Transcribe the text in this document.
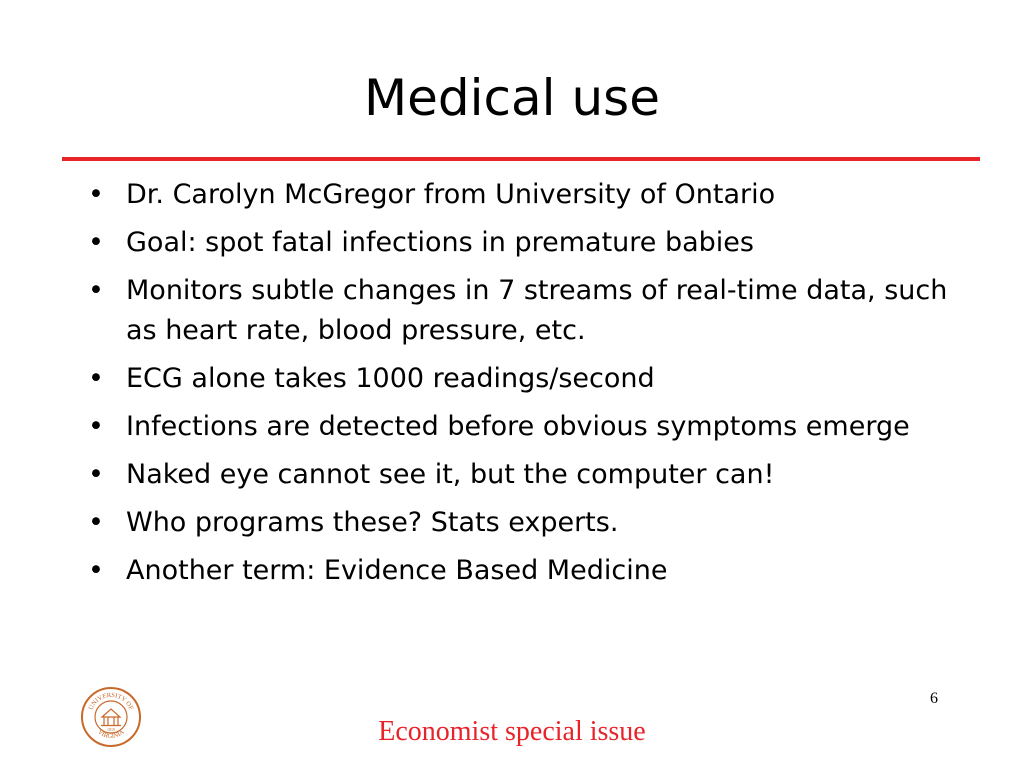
Medical use
• Dr. Carolyn McGregor from University of Ontario
• Goal: spot fatal infections in premature babies
• Monitors subtle changes in 7 streams of real-time data, such as heart rate, blood pressure, etc.
• ECG alone takes 1000 readings/second
• Infections are detected before obvious symptoms emerge
• Naked eye cannot see it, but the computer can!
• Who programs these? Stats experts.
• Another term: Evidence Based Medicine
UNIVERSITY OF
VIRGINIA
1819
6
Economist special issue
